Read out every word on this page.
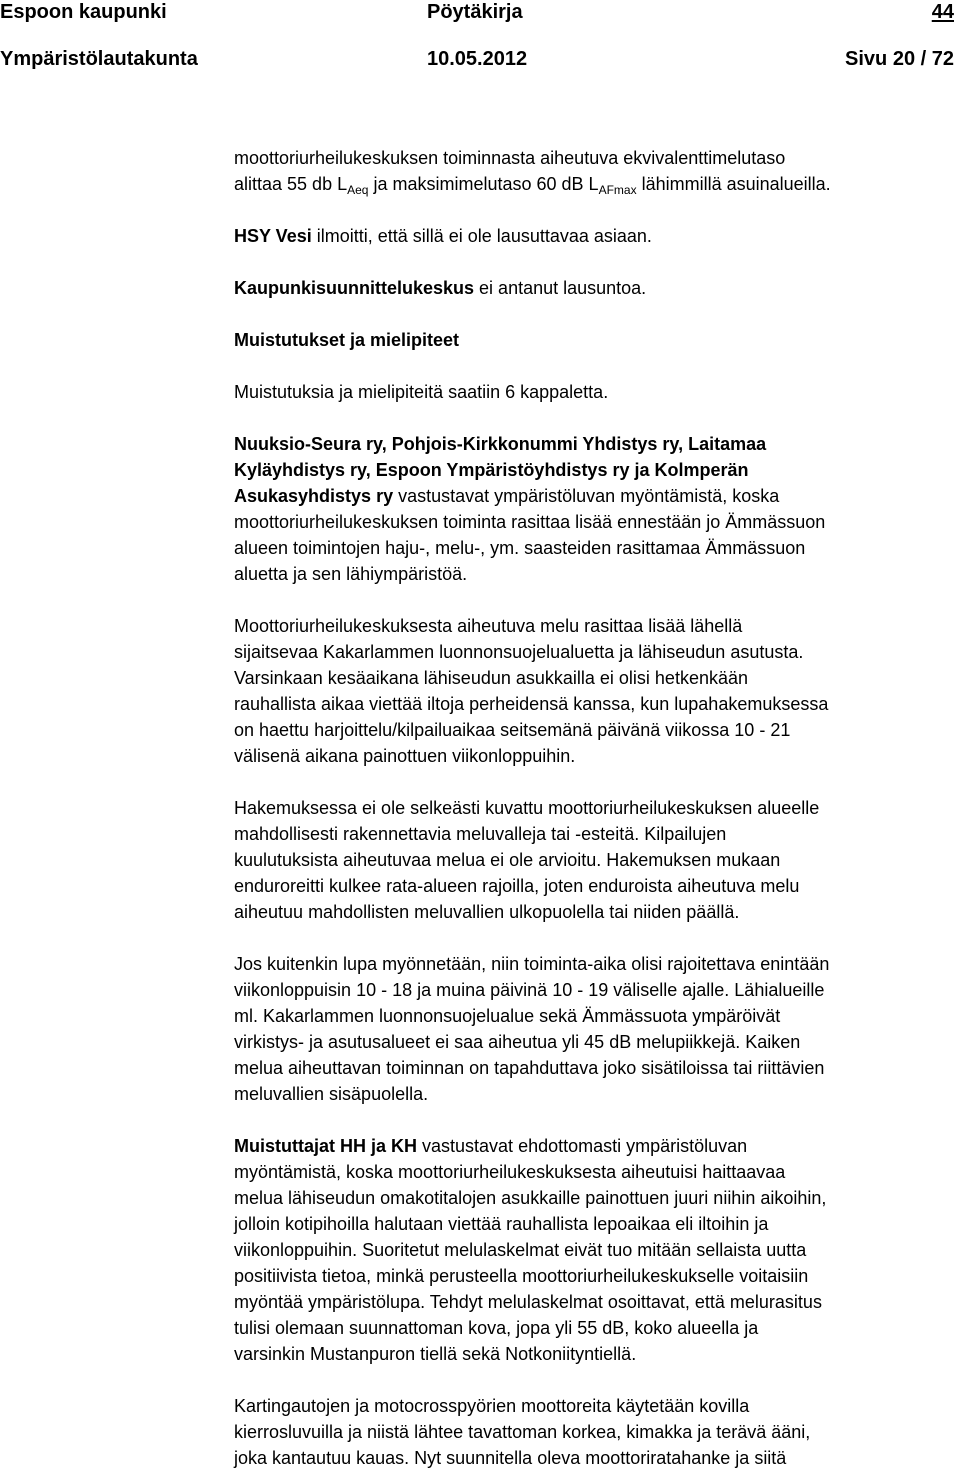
Espoon kaupunki	Pöytäkirja	44
Ympäristölautakunta	10.05.2012	Sivu 20 / 72

moottoriurheilukeskuksen toiminnasta aiheutuva ekvivalenttimelutaso
alittaa 55 db $L_{Aeq}$ ja maksimimelutaso 60 dB $L_{AFmax}$ lähimmillä asuinalueilla.

HSY Vesi ilmoitti, että sillä ei ole lausuttavaa asiaan.

Kaupunkisuunnittelukeskus ei antanut lausuntoa.

Muistutukset ja mielipiteet

Muistutuksia ja mielipiteitä saatiin 6 kappaletta.

Nuuksio-Seura ry, Pohjois-Kirkkonummi Yhdistys ry, Laitamaa
Kyläyhdistys ry, Espoon Ympäristöyhdistys ry ja Kolmperän
Asukasyhdistys ry vastustavat ympäristöluvan myöntämistä, koska
moottoriurheilukeskuksen toiminta rasittaa lisää ennestään jo Ämmässuon
alueen toimintojen haju-, melu-, ym. saasteiden rasittamaa Ämmässuon
aluetta ja sen lähiympäristöä.

Moottoriurheilukeskuksesta aiheutuva melu rasittaa lisää lähellä
sijaitsevaa Kakarlammen luonnonsuojelualuetta ja lähiseudun asutusta.
Varsinkaan kesäaikana lähiseudun asukkailla ei olisi hetkenkään
rauhallista aikaa viettää iltoja perheidensä kanssa, kun lupahakemuksessa
on haettu harjoittelu/kilpailuaikaa seitsemänä päivänä viikossa 10 - 21
välisenä aikana painottuen viikonloppuihin.

Hakemuksessa ei ole selkeästi kuvattu moottoriurheilukeskuksen alueelle
mahdollisesti rakennettavia meluvalleja tai -esteitä. Kilpailujen
kuulutuksista aiheutuvaa melua ei ole arvioitu. Hakemuksen mukaan
enduroreitti kulkee rata-alueen rajoilla, joten enduroista aiheutuva melu
aiheutuu mahdollisten meluvallien ulkopuolella tai niiden päällä.

Jos kuitenkin lupa myönnetään, niin toiminta-aika olisi rajoitettava enintään
viikonloppuisin 10 - 18 ja muina päivinä 10 - 19 väliselle ajalle. Lähialueille
ml. Kakarlammen luonnonsuojelualue sekä Ämmässuota ympäröivät
virkistys- ja asutusalueet ei saa aiheutua yli 45 dB melupiikkejä. Kaiken
melua aiheuttavan toiminnan on tapahduttava joko sisätiloissa tai riittävien
meluvallien sisäpuolella.

Muistuttajat HH ja KH vastustavat ehdottomasti ympäristöluvan
myöntämistä, koska moottoriurheilukeskuksesta aiheutuisi haittaavaa
melua lähiseudun omakotitalojen asukkaille painottuen juuri niihin aikoihin,
jolloin kotipihoilla halutaan viettää rauhallista lepoaikaa eli iltoihin ja
viikonloppuihin. Suoritetut melulaskelmat eivät tuo mitään sellaista uutta
positiivista tietoa, minkä perusteella moottoriurheilukeskukselle voitaisiin
myöntää ympäristölupa. Tehdyt melulaskelmat osoittavat, että melurasitus
tulisi olemaan suunnattoman kova, jopa yli 55 dB, koko alueella ja
varsinkin Mustanpuron tiellä sekä Notkoniityntiellä.

Kartingautojen ja motocrosspyörien moottoreita käytetään kovilla
kierrosluvuilla ja niistä lähtee tavattoman korkea, kimakka ja terävä ääni,
joka kantautuu kauas. Nyt suunnitella oleva moottoriratahanke ja siitä
